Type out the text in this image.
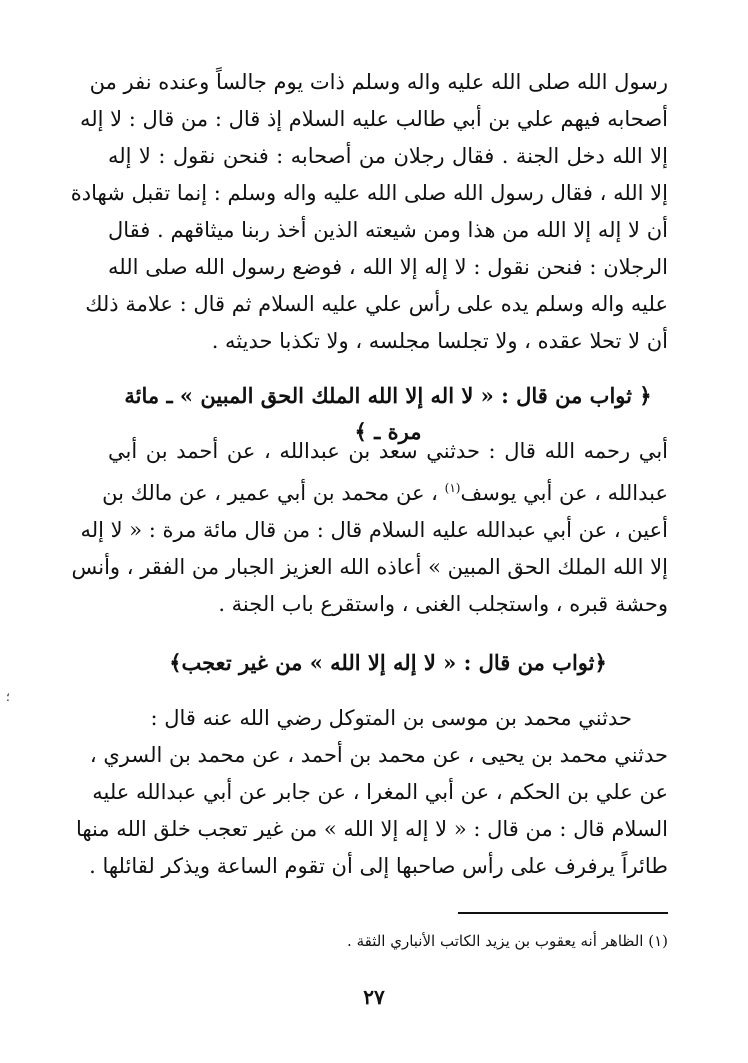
رسول الله صلى الله عليه واله وسلم ذات يوم جالساً وعنده نفر من
أصحابه فيهم علي بن أبي طالب عليه السلام إذ قال : من قال : لا إله
إلا الله دخل الجنة . فقال رجلان من أصحابه : فنحن نقول : لا إله
إلا الله ، فقال رسول الله صلى الله عليه واله وسلم : إنما تقبل شهادة
أن لا إله إلا الله من هذا ومن شيعته الذين أخذ ربنا ميثاقهم . فقال
الرجلان : فنحن نقول : لا إله إلا الله ، فوضع رسول الله صلى الله
عليه واله وسلم يده على رأس علي عليه السلام ثم قال : علامة ذلك
أن لا تحلا عقده ، ولا تجلسا مجلسه ، ولا تكذبا حديثه .
﴿ ثواب من قال : « لا اله إلا الله الملك الحق المبين » ـ مائة مرة ـ ﴾
أبي رحمه الله قال : حدثني سعد بن عبدالله ، عن أحمد بن أبي
عبدالله ، عن أبي يوسف$^{(١)}$ ، عن محمد بن أبي عمير ، عن مالك بن
أعين ، عن أبي عبدالله عليه السلام قال : من قال مائة مرة : « لا إله
إلا الله الملك الحق المبين » أعاذه الله العزيز الجبار من الفقر ، وأنس
وحشة قبره ، واستجلب الغنى ، واستقرع باب الجنة .
﴿ثواب من قال : « لا إله إلا الله » من غير تعجب﴾
حدثني محمد بن موسى بن المتوكل رضي الله عنه قال :
حدثني محمد بن يحيى ، عن محمد بن أحمد ، عن محمد بن السري ،
عن علي بن الحكم ، عن أبي المغرا ، عن جابر عن أبي عبدالله عليه
السلام قال : من قال : « لا إله إلا الله » من غير تعجب خلق الله منها
طائراً يرفرف على رأس صاحبها إلى أن تقوم الساعة ويذكر لقائلها .

(١) الظاهر أنه يعقوب بن يزيد الكاتب الأنباري الثقة .

٢٧
؛
